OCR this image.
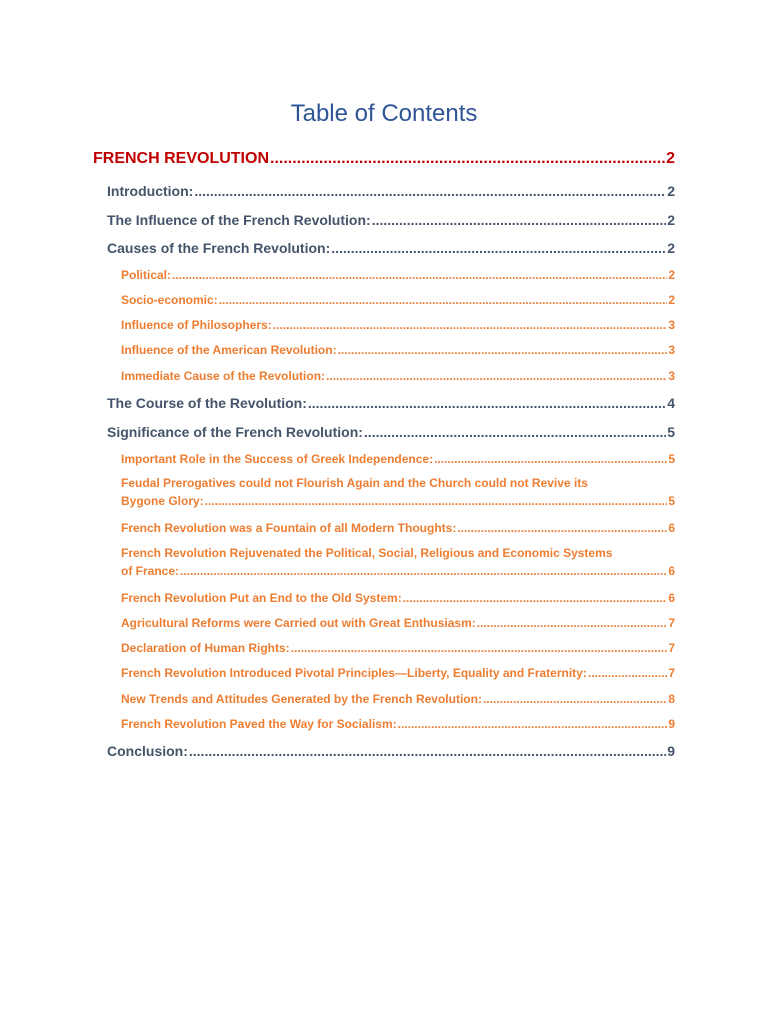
Table of Contents
FRENCH REVOLUTION .....	2
Introduction: .....	2
The Influence of the French Revolution: .....	2
Causes of the French Revolution: .....	2
Political: .....	2
Socio-economic: .....	2
Influence of Philosophers: .....	3
Influence of the American Revolution: .....	3
Immediate Cause of the Revolution: .....	3
The Course of the Revolution: .....	4
Significance of the French Revolution: .....	5
Important Role in the Success of Greek Independence: .....	5
Feudal Prerogatives could not Flourish Again and the Church could not Revive its
Bygone Glory: .....	5
French Revolution was a Fountain of all Modern Thoughts: .....	6
French Revolution Rejuvenated the Political, Social, Religious and Economic Systems
of France: .....	6
French Revolution Put an End to the Old System: .....	6
Agricultural Reforms were Carried out with Great Enthusiasm: .....	7
Declaration of Human Rights: .....	7
French Revolution Introduced Pivotal Principles—Liberty, Equality and Fraternity: .....	7
New Trends and Attitudes Generated by the French Revolution: .....	8
French Revolution Paved the Way for Socialism: .....	9
Conclusion: .....	9
